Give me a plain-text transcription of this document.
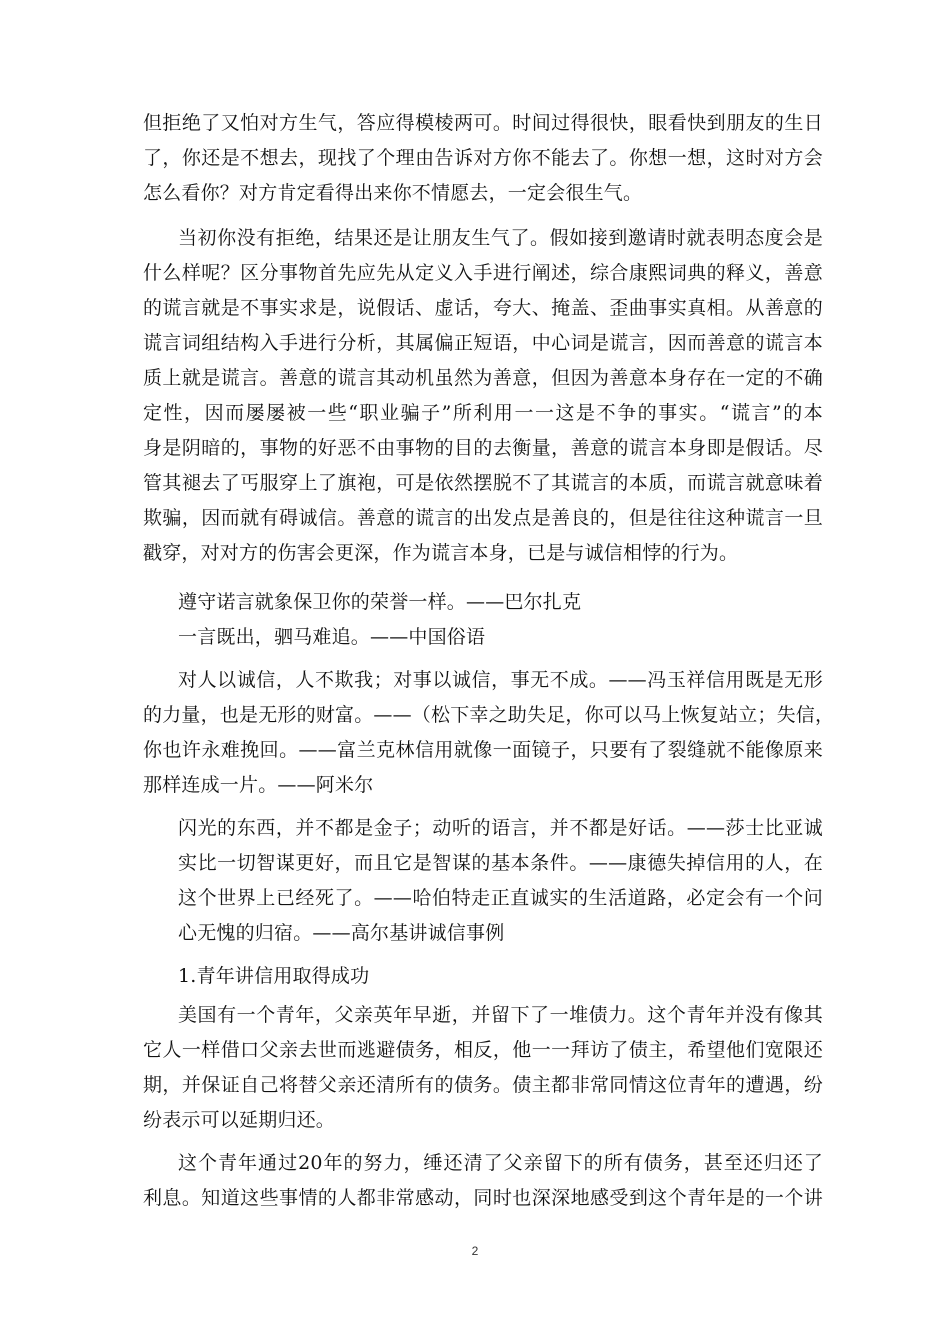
但拒绝了又怕对方生气，答应得模棱两可。时间过得很快，眼看快到朋友的生日
了，你还是不想去，现找了个理由告诉对方你不能去了。你想一想，这时对方会
怎么看你？对方肯定看得出来你不情愿去，一定会很生气。
当初你没有拒绝，结果还是让朋友生气了。假如接到邀请时就表明态度会是
什么样呢？区分事物首先应先从定义入手进行阐述，综合康熙词典的释义，善意
的谎言就是不事实求是，说假话、虚话，夸大、掩盖、歪曲事实真相。从善意的
谎言词组结构入手进行分析，其属偏正短语，中心词是谎言，因而善意的谎言本
质上就是谎言。善意的谎言其动机虽然为善意，但因为善意本身存在一定的不确
定性，因而屡屡被一些“职业骗子”所利用一一这是不争的事实。“谎言”的本
身是阴暗的，事物的好恶不由事物的目的去衡量，善意的谎言本身即是假话。尽
管其褪去了丐服穿上了旗袍，可是依然摆脱不了其谎言的本质，而谎言就意味着
欺骗，因而就有碍诚信。善意的谎言的出发点是善良的，但是往往这种谎言一旦
戳穿，对对方的伤害会更深，作为谎言本身，已是与诚信相悖的行为。
遵守诺言就象保卫你的荣誉一样。——巴尔扎克
一言既出，驷马难追。——中国俗语
对人以诚信，人不欺我；对事以诚信，事无不成。——冯玉祥信用既是无形
的力量，也是无形的财富。——（松下幸之助失足，你可以马上恢复站立；失信，
你也许永难挽回。——富兰克林信用就像一面镜子，只要有了裂缝就不能像原来
那样连成一片。——阿米尔
闪光的东西，并不都是金子；动听的语言，并不都是好话。——莎士比亚诚
实比一切智谋更好，而且它是智谋的基本条件。——康德失掉信用的人，在
这个世界上已经死了。——哈伯特走正直诚实的生活道路，必定会有一个问
心无愧的归宿。——高尔基讲诚信事例
1.青年讲信用取得成功
美国有一个青年，父亲英年早逝，并留下了一堆债力。这个青年并没有像其
它人一样借口父亲去世而逃避债务，相反，他一一拜访了债主，希望他们宽限还
期，并保证自己将替父亲还清所有的债务。债主都非常同情这位青年的遭遇，纷
纷表示可以延期归还。
这个青年通过20年的努力，缍还清了父亲留下的所有债务，甚至还归还了
利息。知道这些事情的人都非常感动，同时也深深地感受到这个青年是的一个讲
2
